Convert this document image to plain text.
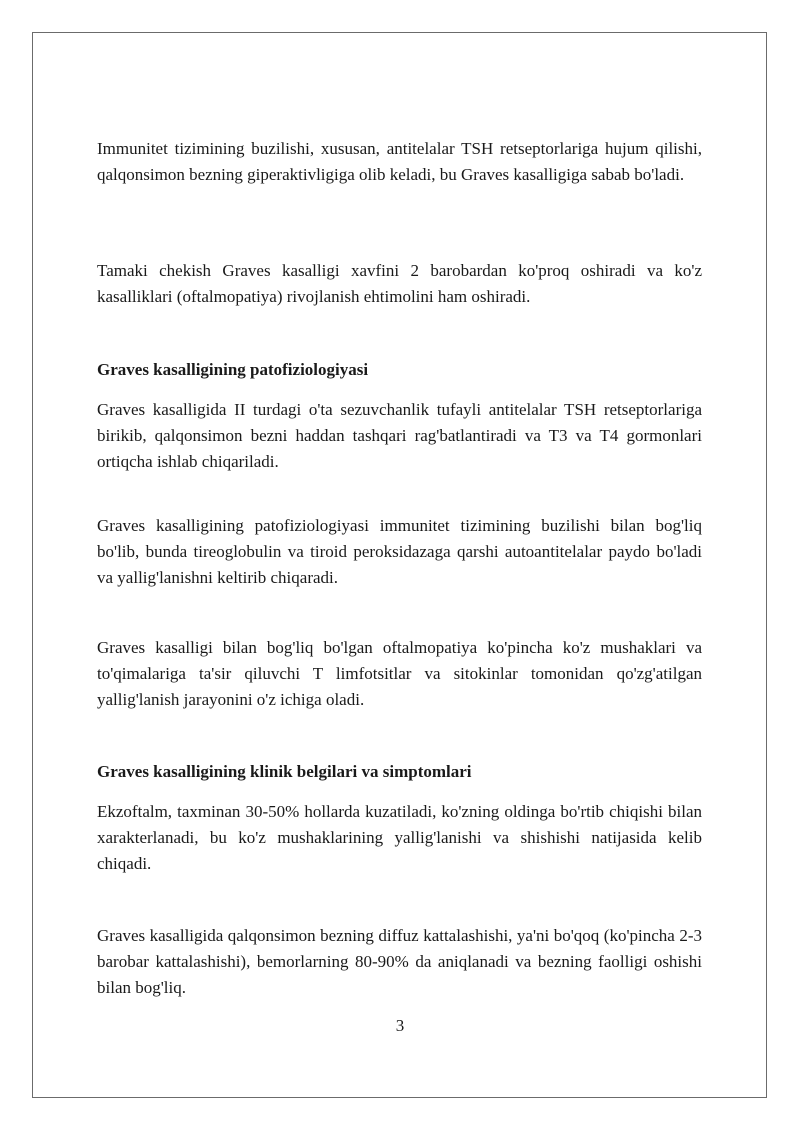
Immunitet tizimining buzilishi, xususan, antitelalar TSH retseptorlariga hujum qilishi, qalqonsimon bezning giperaktivligiga olib keladi, bu Graves kasalligiga sabab bo'ladi.

Tamaki chekish Graves kasalligi xavfini 2 barobardan ko'proq oshiradi va ko'z kasalliklari (oftalmopatiya) rivojlanish ehtimolini ham oshiradi.

Graves kasalligining patofiziologiyasi

Graves kasalligida II turdagi o'ta sezuvchanlik tufayli antitelalar TSH retseptorlariga birikib, qalqonsimon bezni haddan tashqari rag'batlantiradi va T3 va T4 gormonlari ortiqcha ishlab chiqariladi.

Graves kasalligining patofiziologiyasi immunitet tizimining buzilishi bilan bog'liq bo'lib, bunda tireoglobulin va tiroid peroksidazaga qarshi autoantitelalar paydo bo'ladi va yallig'lanishni keltirib chiqaradi.

Graves kasalligi bilan bog'liq bo'lgan oftalmopatiya ko'pincha ko'z mushaklari va to'qimalariga ta'sir qiluvchi T limfotsitlar va sitokinlar tomonidan qo'zg'atilgan yallig'lanish jarayonini o'z ichiga oladi.

Graves kasalligining klinik belgilari va simptomlari

Ekzoftalm, taxminan 30-50% hollarda kuzatiladi, ko'zning oldinga bo'rtib chiqishi bilan xarakterlanadi, bu ko'z mushaklarining yallig'lanishi va shishishi natijasida kelib chiqadi.

Graves kasalligida qalqonsimon bezning diffuz kattalashishi, ya'ni bo'qoq (ko'pincha 2-3 barobar kattalashishi), bemorlarning 80-90% da aniqlanadi va bezning faolligi oshishi bilan bog'liq.

3
